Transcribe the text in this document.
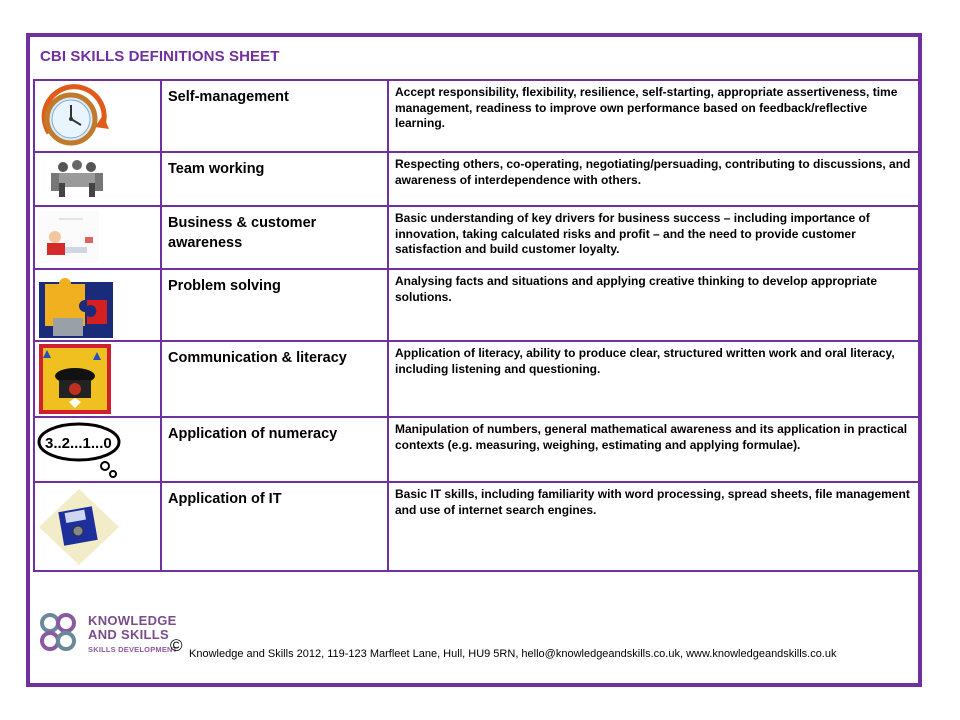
CBI SKILLS DEFINITIONS SHEET
	Self-management	Accept responsibility, flexibility, resilience, self-starting, appropriate assertiveness, time management, readiness to improve own performance based on feedback/reflective learning.

	Team working	Respecting others, co-operating, negotiating/persuading, contributing to discussions, and awareness of interdependence with others.

	Business & customer awareness	Basic understanding of key drivers for business success – including importance of innovation, taking calculated risks and profit – and the need to provide customer satisfaction and build customer loyalty.

	Problem solving	Analysing facts and situations and applying creative thinking to develop appropriate solutions.

	Communication & literacy	Application of literacy, ability to produce clear, structured written work and oral literacy, including listening and questioning.

3..2...1...0	Application of numeracy	Manipulation of numbers, general mathematical awareness and its application in practical contexts (e.g. measuring, weighing, estimating and applying formulae).

	Application of IT	Basic IT skills, including familiarity with word processing, spread sheets, file management and use of internet search engines.
KNOWLEDGE
AND SKILLS
SKILLS DEVELOPMENT
© Knowledge and Skills 2012, 119-123 Marfleet Lane, Hull, HU9 5RN, hello@knowledgeandskills.co.uk, www.knowledgeandskills.co.uk
